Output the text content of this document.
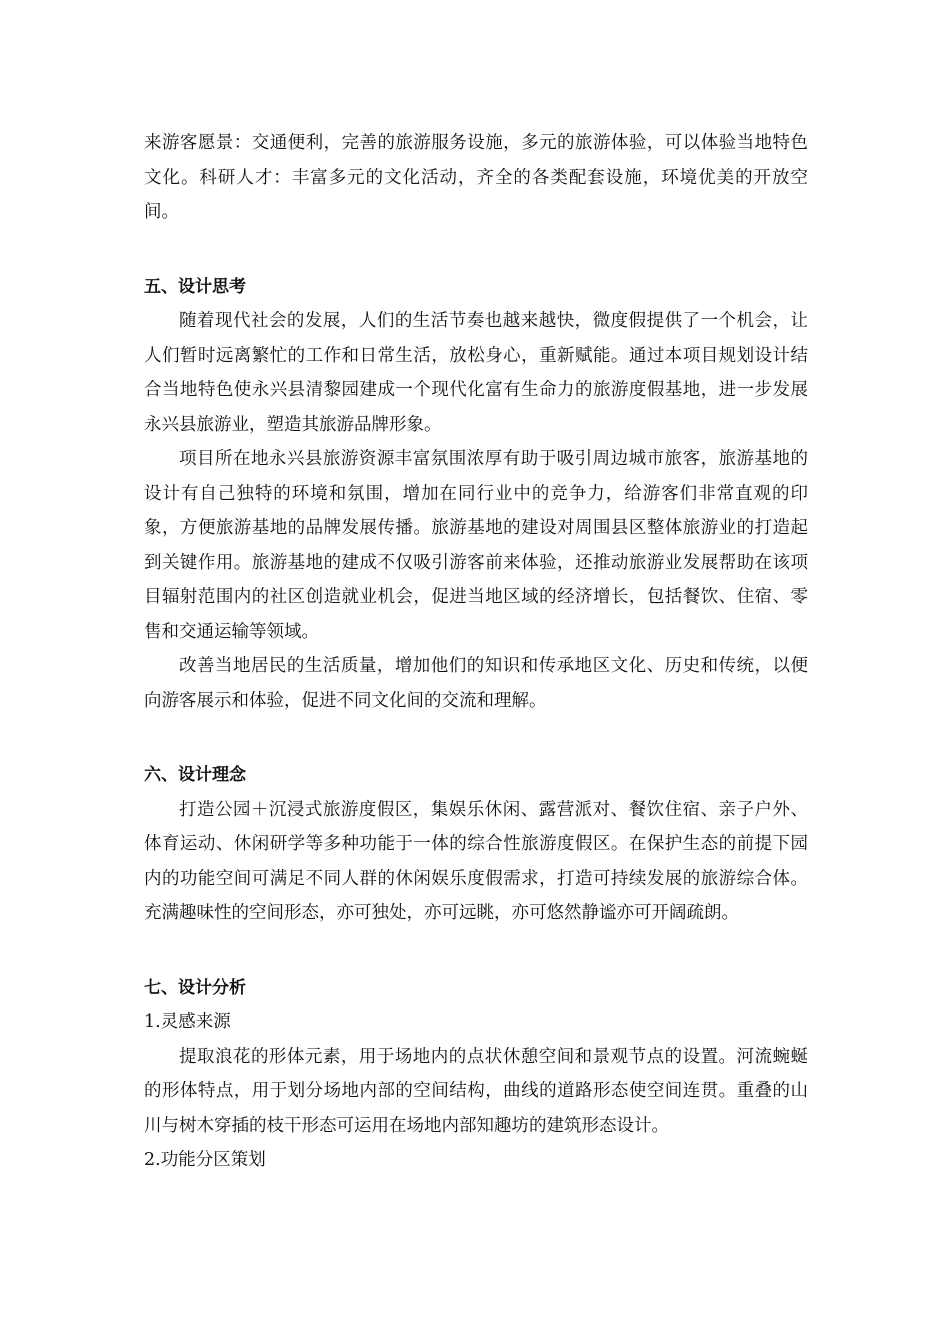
来游客愿景：交通便利，完善的旅游服务设施，多元的旅游体验，可以体验当地特色文化。科研人才：丰富多元的文化活动，齐全的各类配套设施，环境优美的开放空间。

五、设计思考

随着现代社会的发展，人们的生活节奏也越来越快，微度假提供了一个机会，让人们暂时远离繁忙的工作和日常生活，放松身心，重新赋能。通过本项目规划设计结合当地特色使永兴县清黎园建成一个现代化富有生命力的旅游度假基地，进一步发展永兴县旅游业，塑造其旅游品牌形象。

项目所在地永兴县旅游资源丰富氛围浓厚有助于吸引周边城市旅客，旅游基地的设计有自己独特的环境和氛围，增加在同行业中的竞争力，给游客们非常直观的印象，方便旅游基地的品牌发展传播。旅游基地的建设对周围县区整体旅游业的打造起到关键作用。旅游基地的建成不仅吸引游客前来体验，还推动旅游业发展帮助在该项目辐射范围内的社区创造就业机会，促进当地区域的经济增长，包括餐饮、住宿、零售和交通运输等领域。

改善当地居民的生活质量，增加他们的知识和传承地区文化、历史和传统，以便向游客展示和体验，促进不同文化间的交流和理解。

六、设计理念

打造公园＋沉浸式旅游度假区，集娱乐休闲、露营派对、餐饮住宿、亲子户外、体育运动、休闲研学等多种功能于一体的综合性旅游度假区。在保护生态的前提下园内的功能空间可满足不同人群的休闲娱乐度假需求，打造可持续发展的旅游综合体。充满趣味性的空间形态，亦可独处，亦可远眺，亦可悠然静谧亦可开阔疏朗。

七、设计分析

1.灵感来源

提取浪花的形体元素，用于场地内的点状休憩空间和景观节点的设置。河流蜿蜒的形体特点，用于划分场地内部的空间结构，曲线的道路形态使空间连贯。重叠的山川与树木穿插的枝干形态可运用在场地内部知趣坊的建筑形态设计。

2.功能分区策划
